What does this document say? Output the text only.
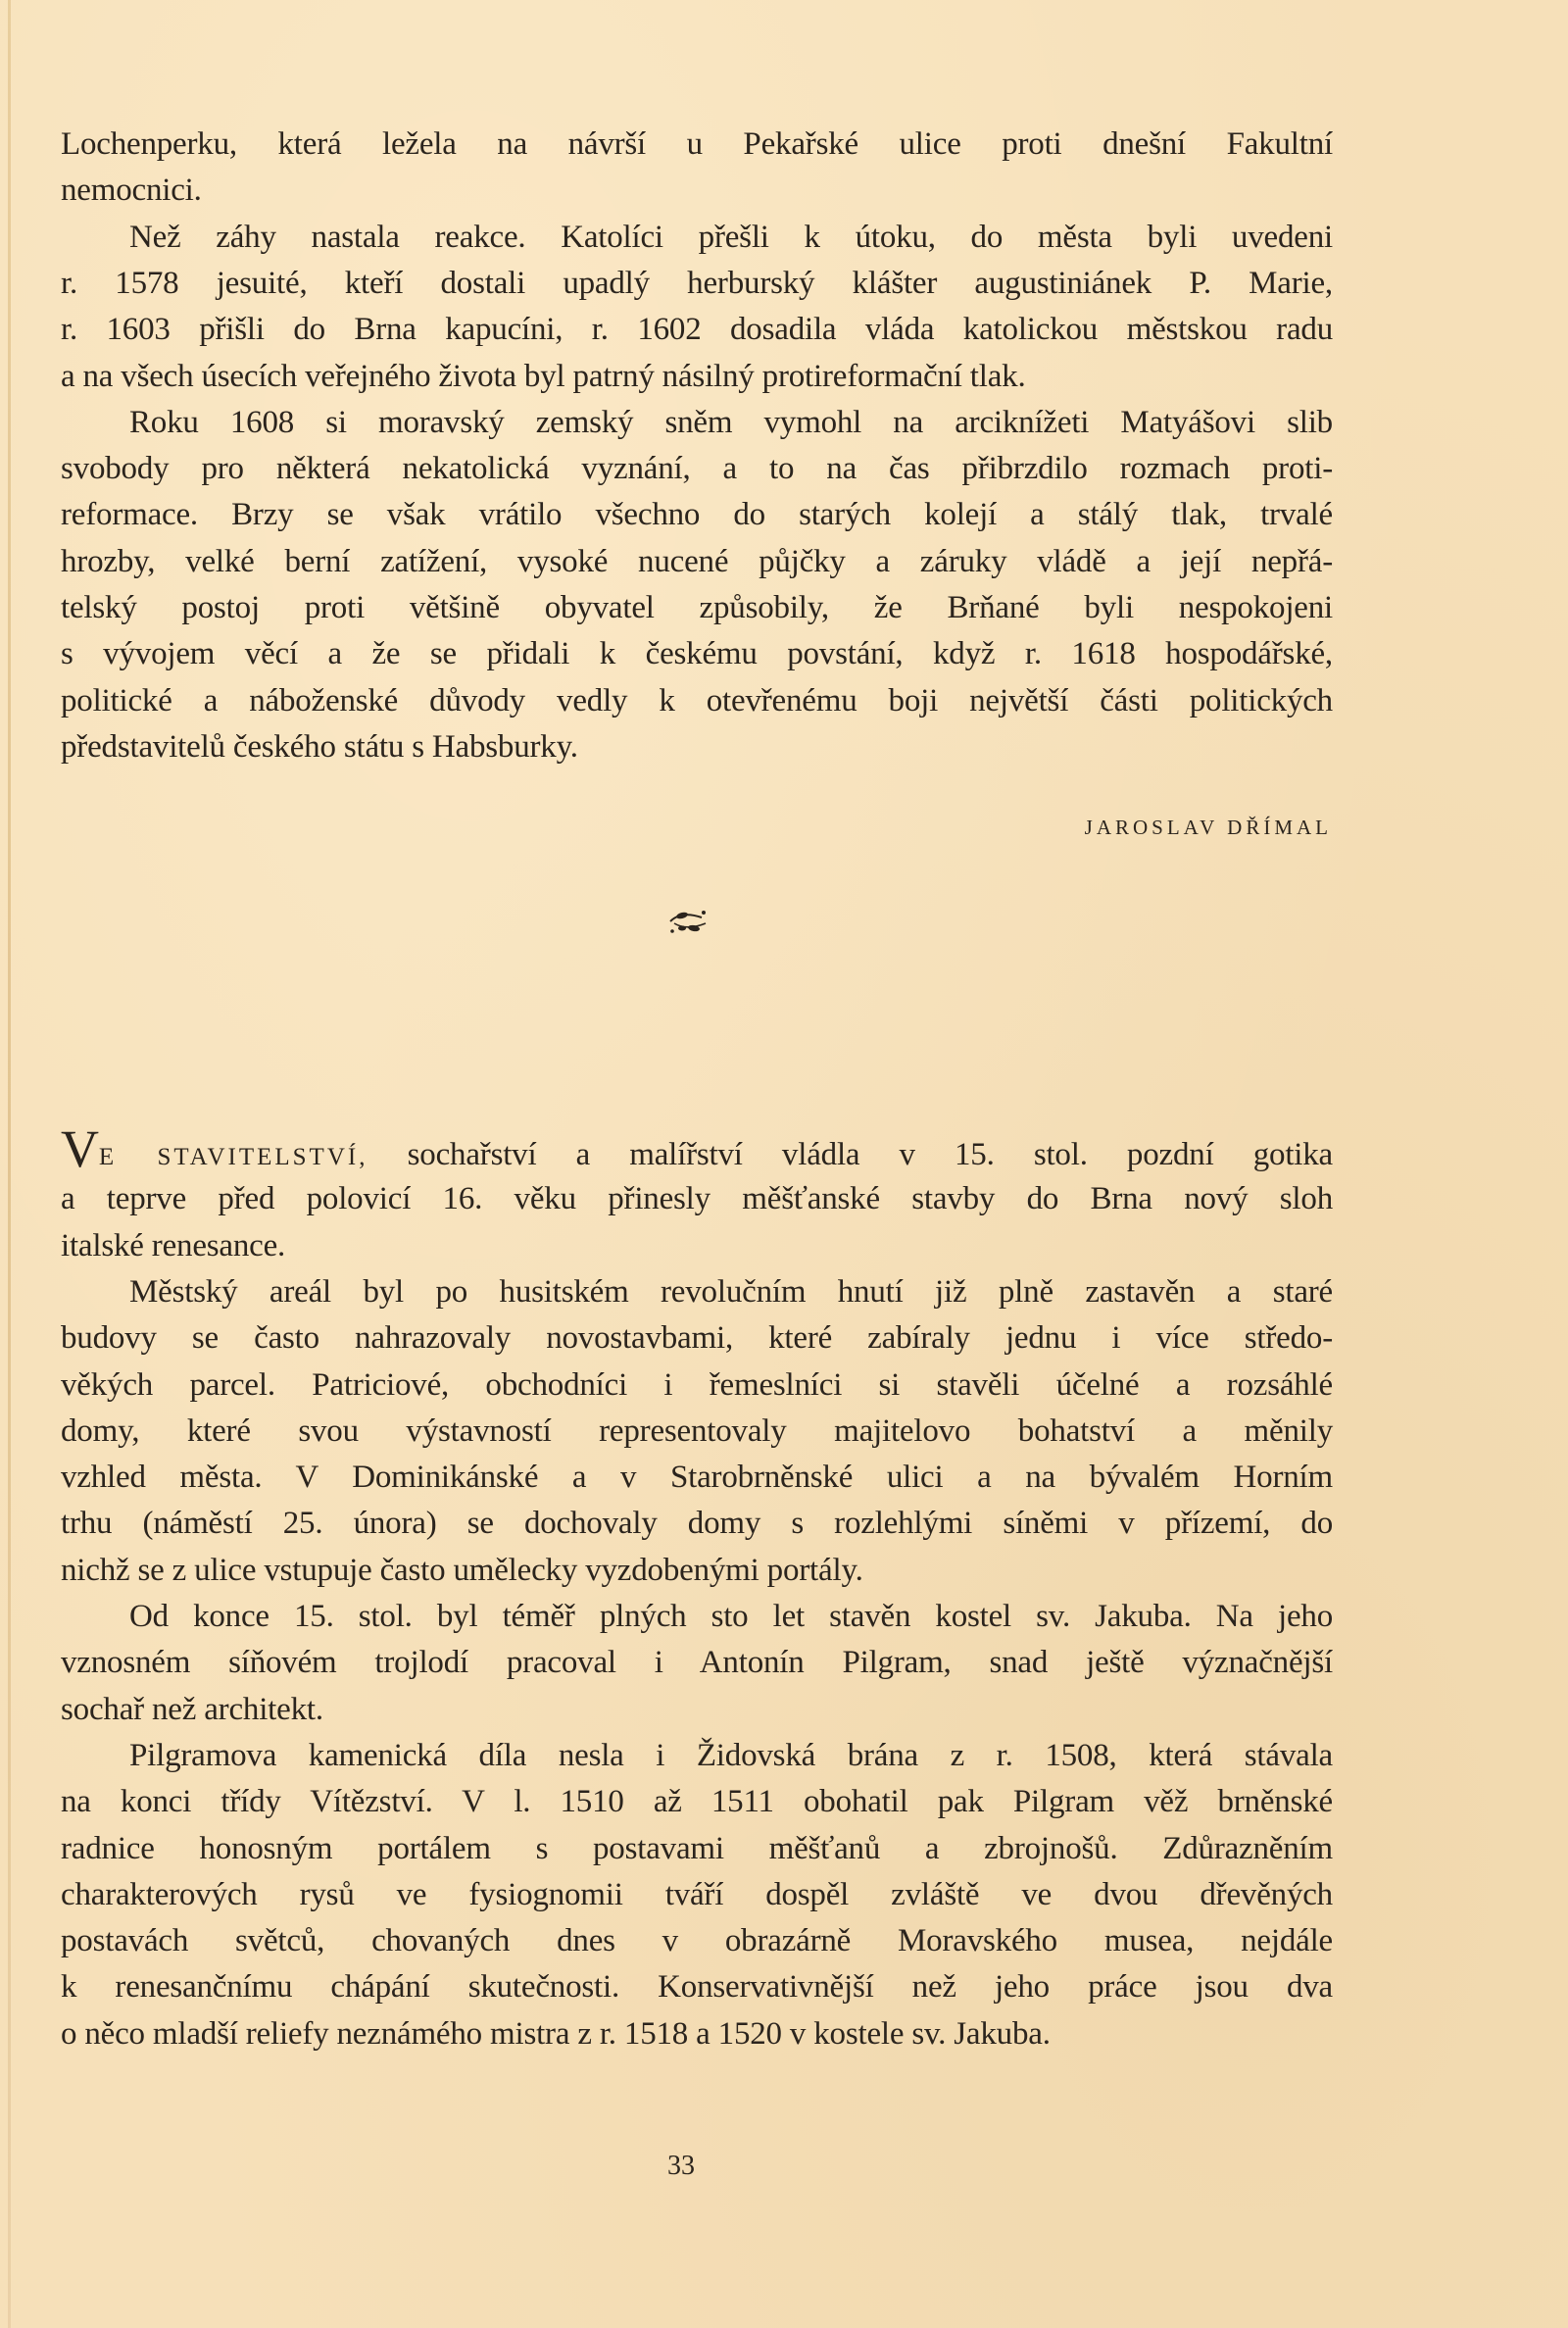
Lochenperku, která ležela na návrší u Pekařské ulice proti dnešní Fakultní
nemocnici.
Než záhy nastala reakce. Katolíci přešli k útoku, do města byli uvedeni
r. 1578 jesuité, kteří dostali upadlý herburský klášter augustiniánek P. Marie,
r. 1603 přišli do Brna kapucíni, r. 1602 dosadila vláda katolickou městskou radu
a na všech úsecích veřejného života byl patrný násilný protireformační tlak.
Roku 1608 si moravský zemský sněm vymohl na arciknížeti Matyášovi slib
svobody pro některá nekatolická vyznání, a to na čas přibrzdilo rozmach proti-
reformace. Brzy se však vrátilo všechno do starých kolejí a stálý tlak, trvalé
hrozby, velké berní zatížení, vysoké nucené půjčky a záruky vládě a její nepřá-
telský postoj proti většině obyvatel způsobily, že Brňané byli nespokojeni
s vývojem věcí a že se přidali k českému povstání, když r. 1618 hospodářské,
politické a náboženské důvody vedly k otevřenému boji největší části politických
představitelů českého státu s Habsburky.
JAROSLAV DŘÍMAL
VE STAVITELSTVÍ, sochařství a malířství vládla v 15. stol. pozdní gotika
a teprve před polovicí 16. věku přinesly měšťanské stavby do Brna nový sloh
italské renesance.
Městský areál byl po husitském revolučním hnutí již plně zastavěn a staré
budovy se často nahrazovaly novostavbami, které zabíraly jednu i více středo-
věkých parcel. Patriciové, obchodníci i řemeslníci si stavěli účelné a rozsáhlé
domy, které svou výstavností representovaly majitelovo bohatství a měnily
vzhled města. V Dominikánské a v Starobrněnské ulici a na bývalém Horním
trhu (náměstí 25. února) se dochovaly domy s rozlehlými síněmi v přízemí, do
nichž se z ulice vstupuje často umělecky vyzdobenými portály.
Od konce 15. stol. byl téměř plných sto let stavěn kostel sv. Jakuba. Na jeho
vznosném síňovém trojlodí pracoval i Antonín Pilgram, snad ještě význačnější
sochař než architekt.
Pilgramova kamenická díla nesla i Židovská brána z r. 1508, která stávala
na konci třídy Vítězství. V l. 1510 až 1511 obohatil pak Pilgram věž brněnské
radnice honosným portálem s postavami měšťanů a zbrojnošů. Zdůrazněním
charakterových rysů ve fysiognomii tváří dospěl zvláště ve dvou dřevěných
postavách světců, chovaných dnes v obrazárně Moravského musea, nejdále
k renesančnímu chápání skutečnosti. Konservativnější než jeho práce jsou dva
o něco mladší reliefy neznámého mistra z r. 1518 a 1520 v kostele sv. Jakuba.
33
